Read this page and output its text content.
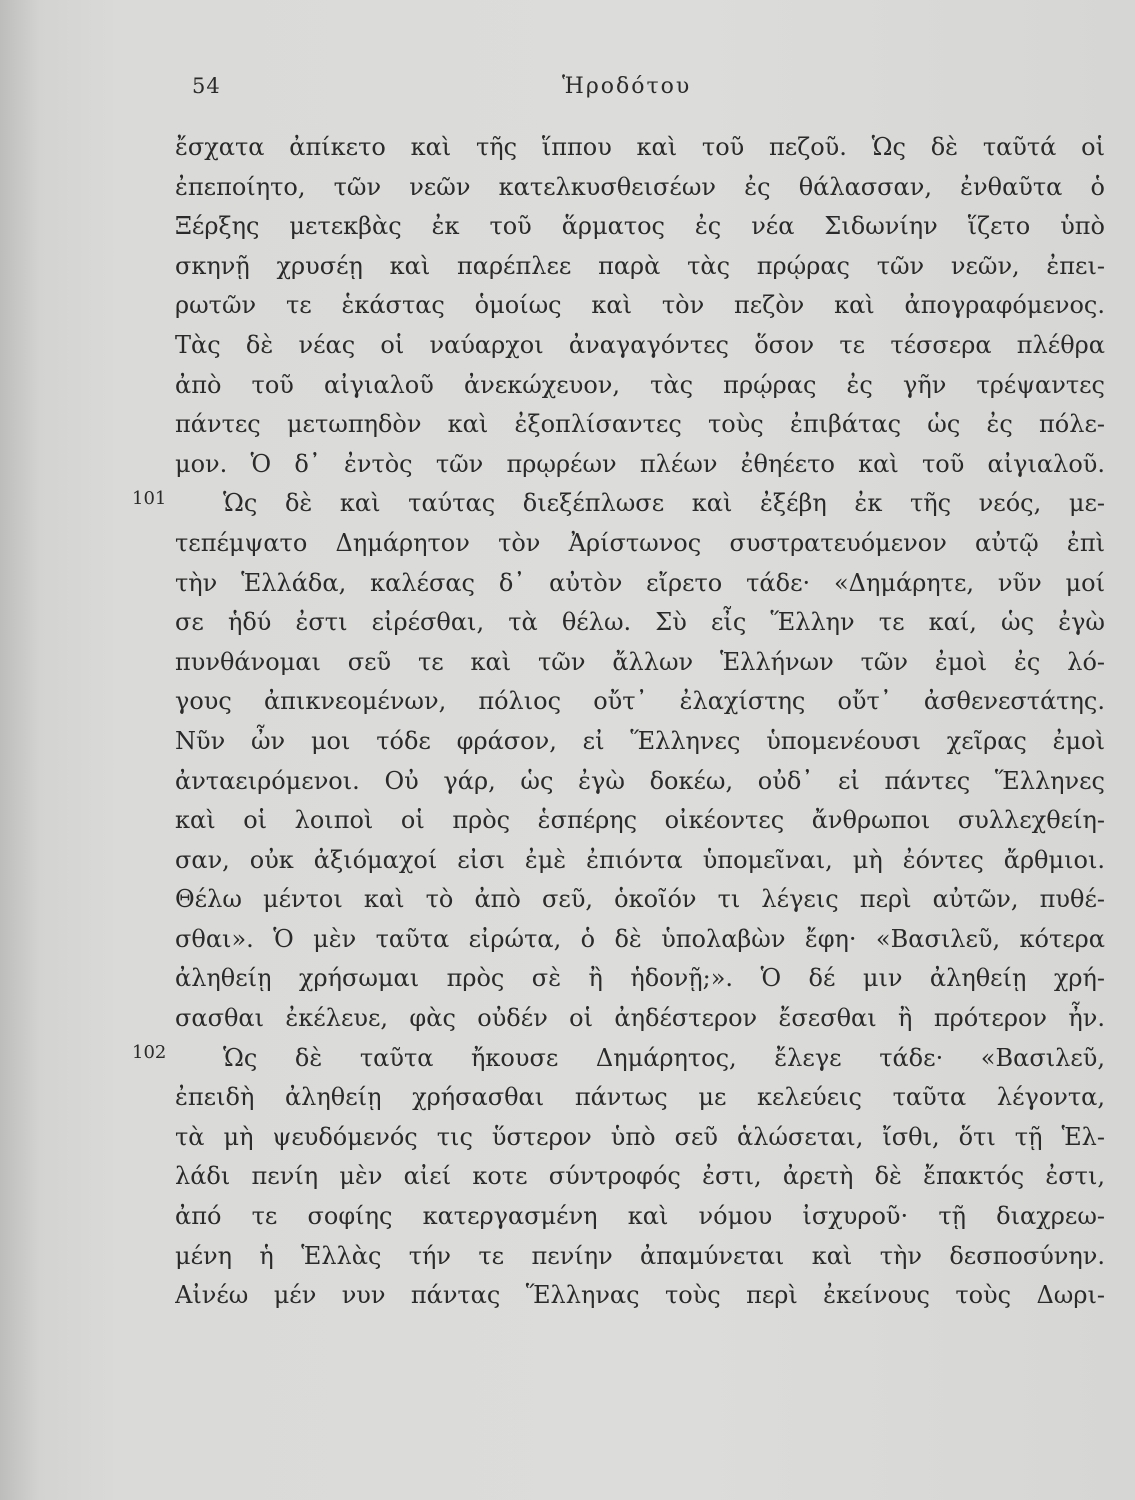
54	Ἡροδότου
101
102
ἔσχατα ἀπίκετο καὶ τῆς ἵππου καὶ τοῦ πεζοῦ. Ὡς δὲ ταῦτά οἱ
ἐπεποίητο, τῶν νεῶν κατελκυσθεισέων ἐς θάλασσαν, ἐνθαῦτα ὁ
Ξέρξης μετεκβὰς ἐκ τοῦ ἅρματος ἐς νέα Σιδωνίην ἵζετο ὑπὸ
σκηνῇ χρυσέῃ καὶ παρέπλεε παρὰ τὰς πρῴρας τῶν νεῶν, ἐπει-
ρωτῶν τε ἑκάστας ὁμοίως καὶ τὸν πεζὸν καὶ ἀπογραφόμενος.
Τὰς δὲ νέας οἱ ναύαρχοι ἀναγαγόντες ὅσον τε τέσσερα πλέθρα
ἀπὸ τοῦ αἰγιαλοῦ ἀνεκώχευον, τὰς πρῴρας ἐς γῆν τρέψαντες
πάντες μετωπηδὸν καὶ ἐξοπλίσαντες τοὺς ἐπιβάτας ὡς ἐς πόλε-
μον. Ὁ δ᾽ ἐντὸς τῶν πρῳρέων πλέων ἐθηέετο καὶ τοῦ αἰγιαλοῦ.
Ὡς δὲ καὶ ταύτας διεξέπλωσε καὶ ἐξέβη ἐκ τῆς νεός, με-
τεπέμψατο Δημάρητον τὸν Ἀρίστωνος συστρατευόμενον αὐτῷ ἐπὶ
τὴν Ἑλλάδα, καλέσας δ᾽ αὐτὸν εἴρετο τάδε· «Δημάρητε, νῦν μοί
σε ἡδύ ἐστι εἰρέσθαι, τὰ θέλω. Σὺ εἶς Ἕλλην τε καί, ὡς ἐγὼ
πυνθάνομαι σεῦ τε καὶ τῶν ἄλλων Ἑλλήνων τῶν ἐμοὶ ἐς λό-
γους ἀπικνεομένων, πόλιος οὔτ᾽ ἐλαχίστης οὔτ᾽ ἀσθενεστάτης.
Νῦν ὦν μοι τόδε φράσον, εἰ Ἕλληνες ὑπομενέουσι χεῖρας ἐμοὶ
ἀνταειρόμενοι. Οὐ γάρ, ὡς ἐγὼ δοκέω, οὐδ᾽ εἰ πάντες Ἕλληνες
καὶ οἱ λοιποὶ οἱ πρὸς ἑσπέρης οἰκέοντες ἄνθρωποι συλλεχθείη-
σαν, οὐκ ἀξιόμαχοί εἰσι ἐμὲ ἐπιόντα ὑπομεῖναι, μὴ ἐόντες ἄρθμιοι.
Θέλω μέντοι καὶ τὸ ἀπὸ σεῦ, ὁκοῖόν τι λέγεις περὶ αὐτῶν, πυθέ-
σθαι». Ὁ μὲν ταῦτα εἰρώτα, ὁ δὲ ὑπολαβὼν ἔφη· «Βασιλεῦ, κότερα
ἀληθείῃ χρήσωμαι πρὸς σὲ ἢ ἡδονῇ;». Ὁ δέ μιν ἀληθείῃ χρή-
σασθαι ἐκέλευε, φὰς οὐδέν οἱ ἀηδέστερον ἔσεσθαι ἢ πρότερον ἦν.
Ὡς δὲ ταῦτα ἤκουσε Δημάρητος, ἔλεγε τάδε· «Βασιλεῦ,
ἐπειδὴ ἀληθείῃ χρήσασθαι πάντως με κελεύεις ταῦτα λέγοντα,
τὰ μὴ ψευδόμενός τις ὕστερον ὑπὸ σεῦ ἁλώσεται, ἴσθι, ὅτι τῇ Ἑλ-
λάδι πενίη μὲν αἰεί κοτε σύντροφός ἐστι, ἀρετὴ δὲ ἔπακτός ἐστι,
ἀπό τε σοφίης κατεργασμένη καὶ νόμου ἰσχυροῦ· τῇ διαχρεω-
μένη ἡ Ἑλλὰς τήν τε πενίην ἀπαμύνεται καὶ τὴν δεσποσύνην.
Αἰνέω μέν νυν πάντας Ἕλληνας τοὺς περὶ ἐκείνους τοὺς Δωρι-
